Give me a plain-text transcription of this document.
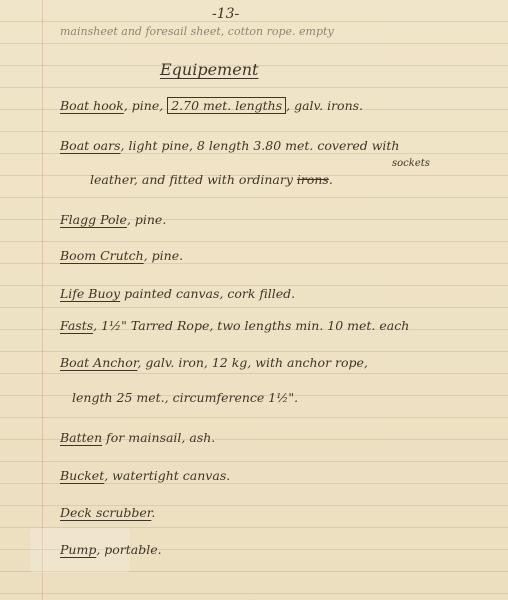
-13-
mainsheet and foresail sheet, cotton rope. empty
Equipement
Boat hook, pine, 2.70 met. lengths , galv. irons.
Boat oars, light pine, 8 length 3.80 met. covered with
sockets
leather, and fitted with ordinary irons.
Flagg Pole, pine.
Boom Crutch, pine.
Life Buoy painted canvas, cork filled.
Fasts, 1½" Tarred Rope, two lengths min. 10 met. each
Boat Anchor, galv. iron, 12 kg, with anchor rope,
length 25 met., circumference 1½".
Batten for mainsail, ash.
Bucket, watertight canvas.
Deck scrubber.
Pump, portable.
